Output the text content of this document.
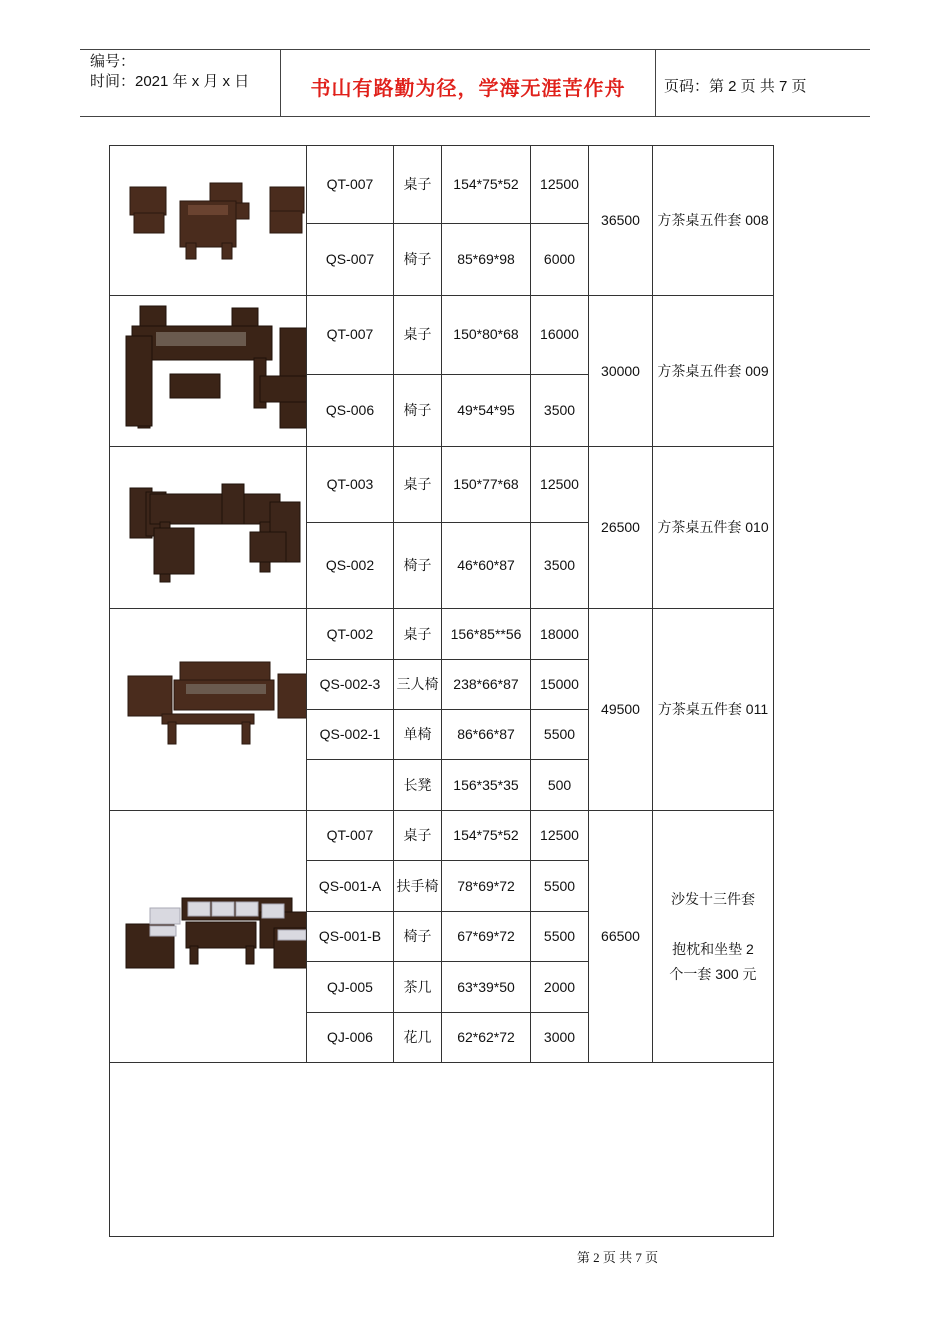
编号：
时间：2021 年 x 月 x 日	书山有路勤为径，学海无涯苦作舟	页码：第 2 页 共 7 页
	QT-007	桌子	154*75*52	12500	36500	方茶桌五件套 008
	QS-007	椅子	85*69*98	6000		

	QT-007	桌子	150*80*68	16000	30000	方茶桌五件套 009
	QS-006	椅子	49*54*95	3500		

	QT-003	桌子	150*77*68	12500	26500	方茶桌五件套 010
	QS-002	椅子	46*60*87	3500		

	QT-002	桌子	156*85**56	18000	49500	方茶桌五件套 011
	QS-002-3	三人椅	238*66*87	15000		
	QS-002-1	单椅	86*66*87	5500		
		长凳	156*35*35	500		

	QT-007	桌子	154*75*52	12500	66500	沙发十三件套
抱枕和坐垫 2 个一套 300 元

	QS-001-A	扶手椅	78*69*72	5500		
	QS-001-B	椅子	67*69*72	5500		
	QJ-005	茶几	63*39*50	2000		
	QJ-006	花几	62*62*72	3000		

第 2 页 共 7 页
